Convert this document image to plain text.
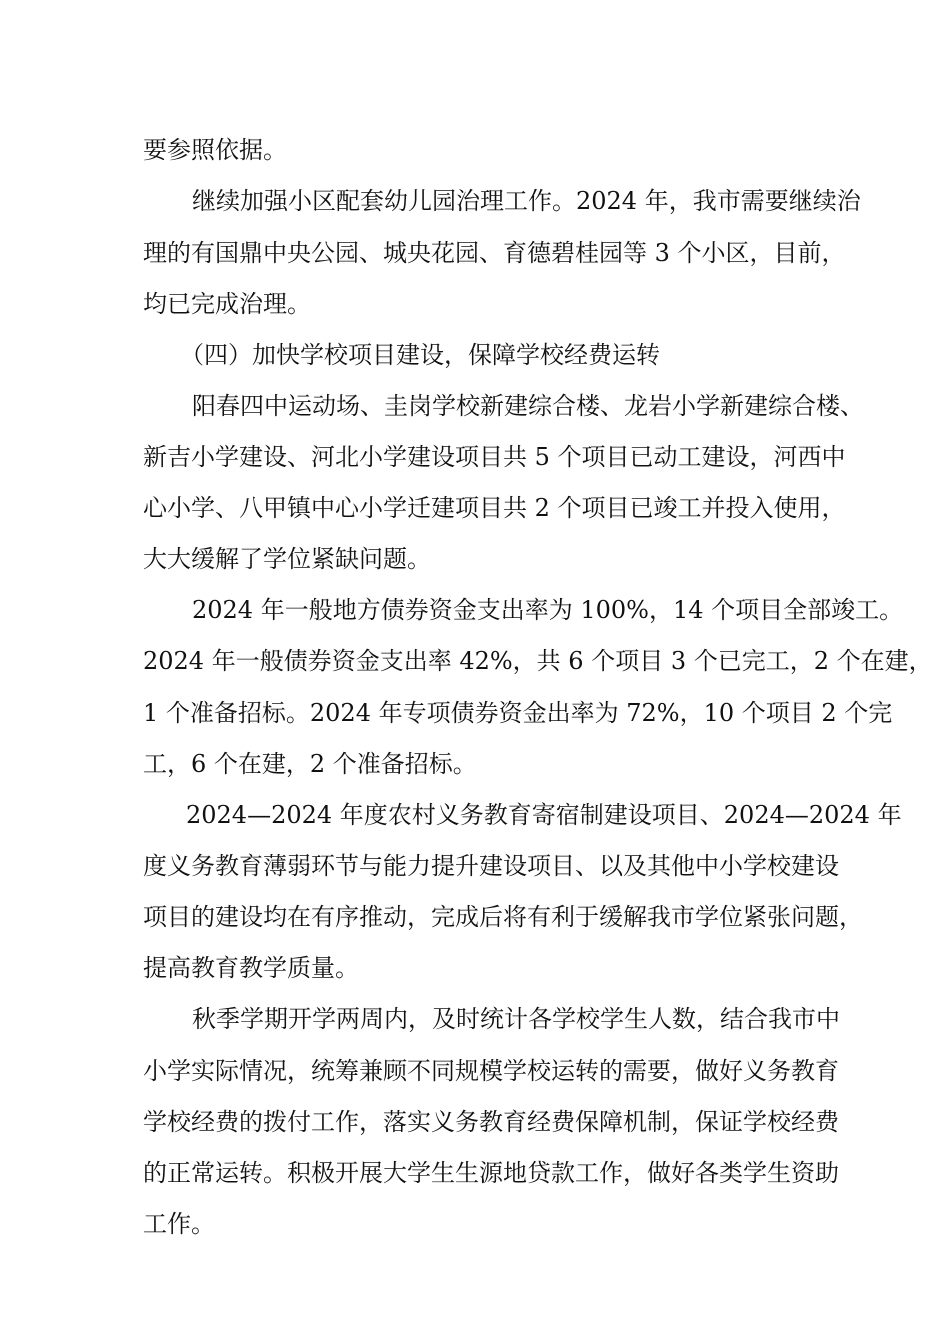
要参照依据。
继续加强小区配套幼儿园治理工作。2024 年，我市需要继续治
理的有国鼎中央公园、城央花园、育德碧桂园等 3 个小区，目前，
均已完成治理。
（四）加快学校项目建设，保障学校经费运转
阳春四中运动场、圭岗学校新建综合楼、龙岩小学新建综合楼、
新吉小学建设、河北小学建设项目共 5 个项目已动工建设，河西中
心小学、八甲镇中心小学迁建项目共 2 个项目已竣工并投入使用，
大大缓解了学位紧缺问题。
2024 年一般地方债券资金支出率为 100%，14 个项目全部竣工。
2024 年一般债券资金支出率 42%，共 6 个项目 3 个已完工，2 个在建，
1 个准备招标。2024 年专项债券资金出率为 72%，10 个项目 2 个完
工，6 个在建，2 个准备招标。
2024—2024 年度农村义务教育寄宿制建设项目、2024—2024 年
度义务教育薄弱环节与能力提升建设项目、以及其他中小学校建设
项目的建设均在有序推动，完成后将有利于缓解我市学位紧张问题，
提高教育教学质量。
秋季学期开学两周内，及时统计各学校学生人数，结合我市中
小学实际情况，统筹兼顾不同规模学校运转的需要，做好义务教育
学校经费的拨付工作，落实义务教育经费保障机制，保证学校经费
的正常运转。积极开展大学生生源地贷款工作，做好各类学生资助
工作。
